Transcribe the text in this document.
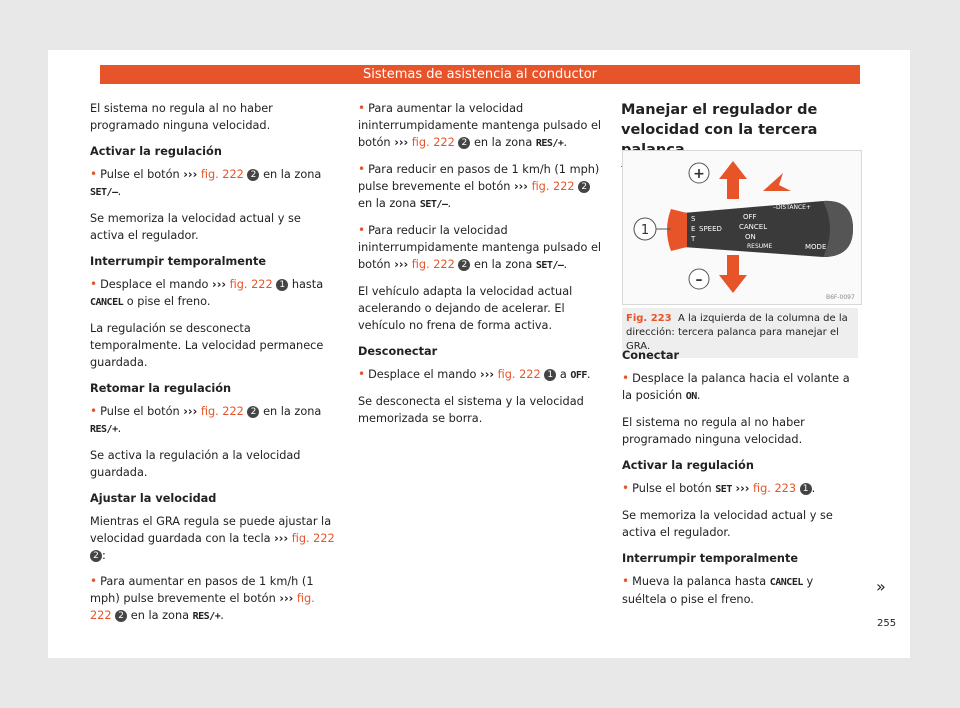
Sistemas de asistencia al conductor

El sistema no regula al no haber programado ninguna velocidad.

Activar la regulación

• Pulse el botón ››› fig. 222 2 en la zona SET/–.

Se memoriza la velocidad actual y se activa el regulador.

Interrumpir temporalmente

• Desplace el mando ››› fig. 222 1 hasta CANCEL o pise el freno.

La regulación se desconecta temporalmente. La velocidad permanece guardada.

Retomar la regulación

• Pulse el botón ››› fig. 222 2 en la zona RES/+.

Se activa la regulación a la velocidad guardada.

Ajustar la velocidad

Mientras el GRA regula se puede ajustar la velocidad guardada con la tecla ››› fig. 222 2 :

• Para aumentar en pasos de 1 km/h (1 mph) pulse brevemente el botón ››› fig. 222 2 en la zona RES/+.

• Para aumentar la velocidad ininterrumpidamente mantenga pulsado el botón ››› fig. 222 2 en la zona RES/+.

• Para reducir en pasos de 1 km/h (1 mph) pulse brevemente el botón ››› fig. 222 2 en la zona SET/–.

• Para reducir la velocidad ininterrumpidamente mantenga pulsado el botón ››› fig. 222 2 en la zona SET/–.

El vehículo adapta la velocidad actual acelerando o dejando de acelerar. El vehículo no frena de forma activa.

Desconectar

• Desplace el mando ››› fig. 222 1 a OFF.

Se desconecta el sistema y la velocidad memorizada se borra.

Manejar el regulador de velocidad con la tercera
+
–
1
–DISTANCE+
S
E
T
SPEED
OFF
CANCEL
ON
RESUME	MODE
B6F-0097
Fig. 223 A la izquierda de la columna de la dirección: tercera palanca para manejar el GRA.

Conectar

• Desplace la palanca hacia el volante a la posición ON.

El sistema no regula al no haber programado ninguna velocidad.

Activar la regulación

• Pulse el botón SET ››› fig. 223 1 .

Se memoriza la velocidad actual y se activa el regulador.

Interrumpir temporalmente

• Mueva la palanca hasta CANCEL y suéltela o pise el freno.

»
255
